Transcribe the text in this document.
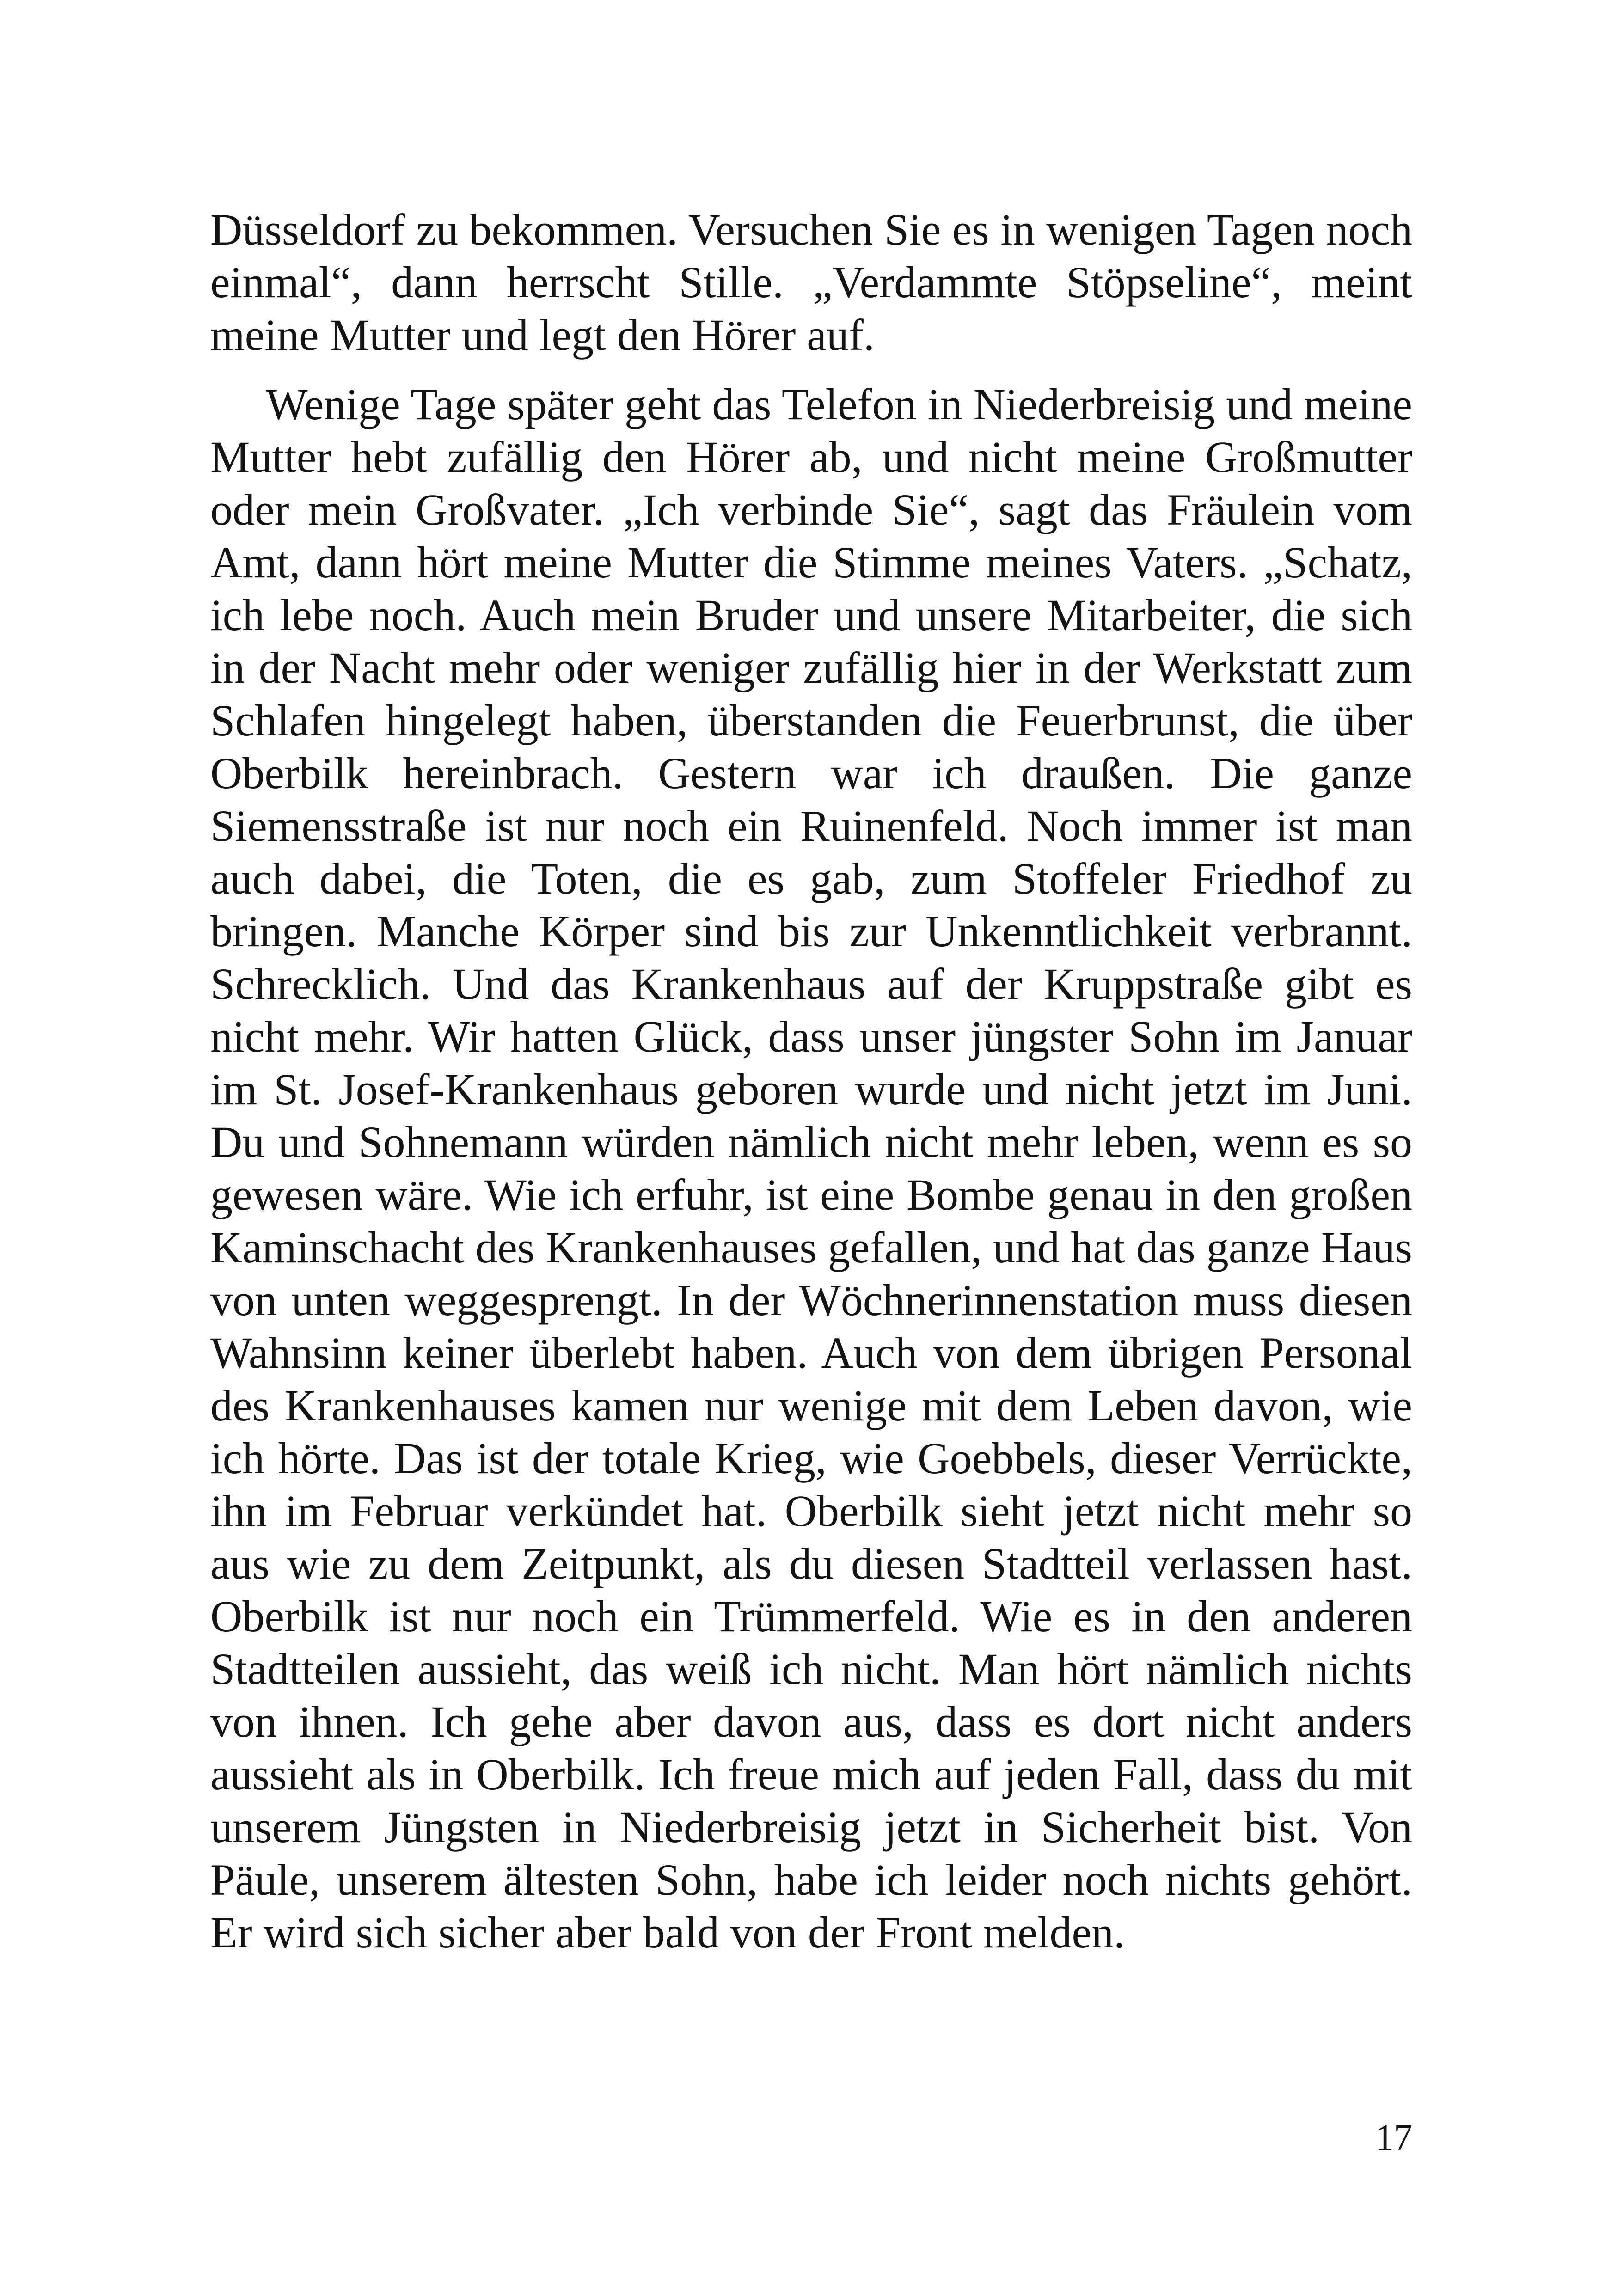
Düsseldorf zu bekommen. Versuchen Sie es in wenigen Tagen noch einmal“, dann herrscht Stille. „Verdammte Stöpseline“, meint meine Mutter und legt den Hörer auf.

Wenige Tage später geht das Telefon in Niederbreisig und meine Mutter hebt zufällig den Hörer ab, und nicht meine Großmutter oder mein Großvater. „Ich verbinde Sie“, sagt das Fräulein vom Amt, dann hört meine Mutter die Stimme meines Vaters. „Schatz, ich lebe noch. Auch mein Bruder und unsere Mitarbeiter, die sich in der Nacht mehr oder weniger zufällig hier in der Werkstatt zum Schlafen hingelegt haben, überstanden die Feuerbrunst, die über Oberbilk hereinbrach. Gestern war ich draußen. Die ganze Siemensstraße ist nur noch ein Ruinenfeld. Noch immer ist man auch dabei, die Toten, die es gab, zum Stoffeler Friedhof zu bringen. Manche Körper sind bis zur Unkenntlichkeit verbrannt. Schrecklich. Und das Krankenhaus auf der Kruppstraße gibt es nicht mehr. Wir hatten Glück, dass unser jüngster Sohn im Januar im St. Josef-Krankenhaus geboren wurde und nicht jetzt im Juni. Du und Sohnemann würden nämlich nicht mehr leben, wenn es so gewesen wäre. Wie ich erfuhr, ist eine Bombe genau in den großen Kaminschacht des Krankenhauses gefallen, und hat das ganze Haus von unten weggesprengt. In der Wöchnerinnenstation muss diesen Wahnsinn keiner überlebt haben. Auch von dem übrigen Personal des Krankenhauses kamen nur wenige mit dem Leben davon, wie ich hörte. Das ist der totale Krieg, wie Goebbels, dieser Verrückte, ihn im Februar verkündet hat. Oberbilk sieht jetzt nicht mehr so aus wie zu dem Zeitpunkt, als du diesen Stadtteil verlassen hast. Oberbilk ist nur noch ein Trümmerfeld. Wie es in den anderen Stadtteilen aussieht, das weiß ich nicht. Man hört nämlich nichts von ihnen. Ich gehe aber davon aus, dass es dort nicht anders aussieht als in Oberbilk. Ich freue mich auf jeden Fall, dass du mit unserem Jüngsten in Niederbreisig jetzt in Sicherheit bist. Von Päule, unserem ältesten Sohn, habe ich leider noch nichts gehört. Er wird sich sicher aber bald von der Front melden.

17
